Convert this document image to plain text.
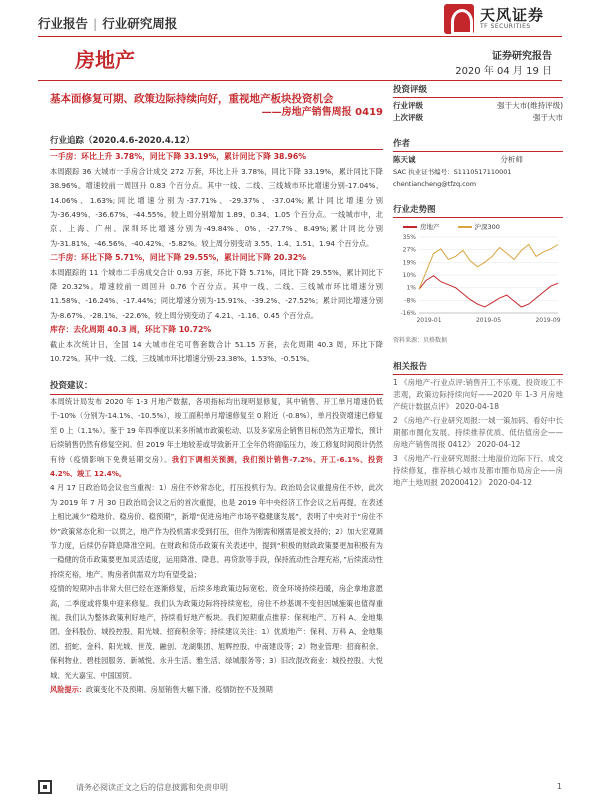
行业报告 | 行业研究周报	天风证券
TF SECURITIES
房地产	证券研究报告
2020 年 04 月 19 日
基本面修复可期、政策边际持续向好，重视地产板块投资机会
——房地产销售周报 0419
行业追踪（2020.4.6-2020.4.12）
一手房：环比上升 3.78%，同比下降 33.19%，累计同比下降 38.96%
本周跟踪 36 大城市一手房合计成交 272 万套，环比上升 3.78%，同比下降 33.19%，累计同比下降 38.96%。增速较前一周回升 0.83 个百分点。其中一线、二线、三线城市环比增速分别-17.04%、14.06%、1.63%;同比增速分别为-37.71%、-29.37%、-37.04%;累计同比增速分别为-36.49%、-36.67%、-44.55%。较上周分别增加 1.89、0.34、1.05 个百分点。一线城市中，北京、上海、广州、深圳环比增速分别为-49.84%、0%、-27.7%、8.49%;累计同比分别为-31.81%、-46.56%、-40.42%、-5.82%。较上周分别变动 3.55、1.4、1.51、1.94 个百分点。
二手房：环比下降 5.71%，同比下降 29.55%，累计同比下降 20.32%
本周跟踪的 11 个城市二手房成交合计 0.93 万套，环比下降 5.71%，同比下降 29.55%，累计同比下降 20.32%。增速较前一周回升 0.76 个百分点。其中一线、二线、三线城市环比增速分别 11.58%、-16.24%、-17.44%；同比增速分别为-15.91%、-39.2%、-27.52%；累计同比增速分别为-8.67%、-28.1%、-22.6%，较上周分别变动了 4.21、-1.16、0.45 个百分点。
库存：去化周期 40.3 周，环比下降 10.72%
截止本次统计日，全国 14 大城市住宅可售套数合计 51.15 万套，去化周期 40.3 周，环比下降 10.72%。其中一线、二线、三线城市环比增速分别-23.38%、1.53%、-0.51%。
投资建议：
本周统计局发布 2020 年 1-3 月地产数据，各项指标均出现明显修复，其中销售、开工单月增速仍低于-10%（分别为-14.1%、-10.5%），竣工面积单月增速修复至 0 附近（-0.8%），单月投资增速已修复至 0 上（1.1%）。鉴于 19 年四季度以来多所城市政策松动、以及多家房企销售目标仍然为正增长，预计后续销售仍然有修复空间。但 2019 年土地较差或导致新开工全年仍将面临压力，竣工修复时间预计仍然有待（疫情影响下免费延期交房）。我们下调相关预测，我们预计销售-7.2%、开工-6.1%、投资 4.2%、竣工 12.4%。
4 月 17 日政治局会议也当重视：1）房住不炒常态化，打压投机行为。政治局会议重提房住不炒，此次为 2019 年 7 月 30 日政治局会议之后的首次重提，也是 2019 年中央经济工作会议之后再提，在表述上相比减少“稳地价、稳房价、稳预期”，新增“促进房地产市场平稳健康发展”，表明了中央对于“房住不炒”政策常态化和一以贯之，地产作为投机需求受到打压，但作为刚需和刚需是被支持的；2）加大宏观调节力度，后续仍存降息降准空间。在财政和货币政策有关表述中，提到“积极的财政政策要更加积极有为一稳健的货币政策要更加灵活适度，运用降准、降息、再贷款等手段，保持流动性合理充裕，”后续流动性持续充裕，地产、购房者供需双方均有望受益；
疫情的短期冲击非常大但已经在逐渐修复，后续多地政策边际宽松、资金环境持续趋暖，房企拿地意愿高，二季度或将集中迎来修复。我们认为政策边际将持续宽松，房住不炒基调不变但因城施策也值得重视。我们认为整体政策利好地产，持续看好地产板块。我们短期重点推荐：保利地产、万科 A、金地集团、金科股份、城投控股、阳光城、招商积余等；持续建议关注：1）优质地产：保利、万科 A、金地集团、招蛇、金科、阳光城、世茂、融创、龙湖集团、旭辉控股、中南建设等；2）物业管理：招商积余、保利物业、碧桂园服务、新城悦、永升生活、雅生活、绿城服务等；3）旧改混改商业：城投控股、大悦城、光大嘉宝、中国国贸。
风险提示：政策变化不及预期、房屋销售大幅下滑、疫情防控不及预期
投资评级
行业评级	强于大市(维持评级)
上次评级	强于大市
作者
陈天诚	分析师
SAC 执业证书编号：S1110517110001
chentiancheng@tfzq.com
行业走势图
房地产	沪深300
-16%
-8%
1%
10%
19%
27%
35%
2019-01	2019-05	2019-09
资料来源：贝格数据
相关报告
1 《房地产-行业点评:销售开工不乐观、投资竣工不悲观，政策边际持续向好——2020 年 1-3 月房地产统计数据点评》 2020-04-18
2 《房地产-行业研究周报:一城一策加码、看好中长期都市圈化发展、持续推荐优质、低估值房企——房地产销售周报 0412》 2020-04-12
3 《房地产-行业研究周报:土地溢价边际下行、成交持续修复，推荐核心城市及都市圈布局房企——房地产土地周报 20200412》 2020-04-12
请务必阅读正文之后的信息披露和免责申明	1
